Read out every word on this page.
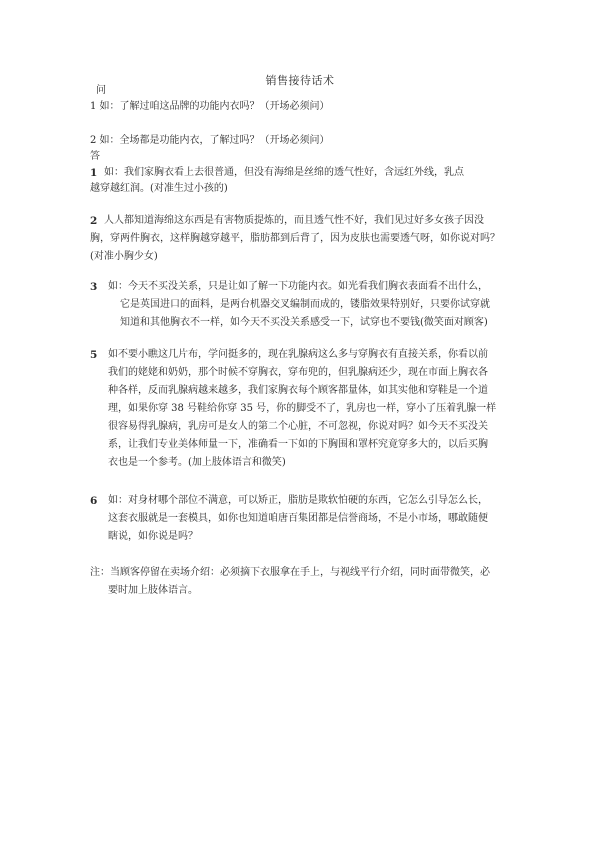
销售接待话术
问
1 如：了解过咱这品牌的功能内衣吗？（开场必须问）
2 如：全场都是功能内衣，了解过吗？（开场必须问）
答
1 如：我们家胸衣看上去很普通，但没有海绵是丝绵的透气性好，含远红外线，乳点
越穿越红润。(对准生过小孩的)
2 人人都知道海绵这东西是有害物质提炼的，而且透气性不好，我们见过好多女孩子因没
胸，穿两件胸衣，这样胸越穿越平，脂肪都到后背了，因为皮肤也需要透气呀，如你说对吗？
(对准小胸少女)
3 如：今天不买没关系，只是让如了解一下功能内衣。如光看我们胸衣表面看不出什么，
它是英国进口的面料，是两台机器交叉编制而成的，镂脂效果特别好，只要你试穿就
知道和其他胸衣不一样，如今天不买没关系感受一下，试穿也不要钱(微笑面对顾客)
5 如不要小瞧这几片布，学问挺多的，现在乳腺病这么多与穿胸衣有直接关系，你看以前
我们的姥姥和奶奶，那个时候不穿胸衣，穿布兜的，但乳腺病还少，现在市面上胸衣各
种各样，反而乳腺病越来越多，我们家胸衣每个顾客都量体，如其实他和穿鞋是一个道
理，如果你穿 38 号鞋给你穿 35 号，你的脚受不了，乳房也一样，穿小了压着乳腺一样
很容易得乳腺病，乳房可是女人的第二个心脏，不可忽视，你说对吗？如今天不买没关
系，让我们专业美体师量一下，准确看一下如的下胸围和罩杯究竟穿多大的，以后买胸
衣也是一个参考。(加上肢体语言和微笑)
6 如：对身材哪个部位不满意，可以矫正，脂肪是欺软怕硬的东西，它怎么引导怎么长，
这套衣服就是一套模具，如你也知道咱唐百集团都是信誉商场，不是小市场，哪敢随便
瞎说，如你说是吗？
注：当顾客停留在卖场介绍：必须摘下衣服拿在手上，与视线平行介绍，同时面带微笑，必
要时加上肢体语言。
